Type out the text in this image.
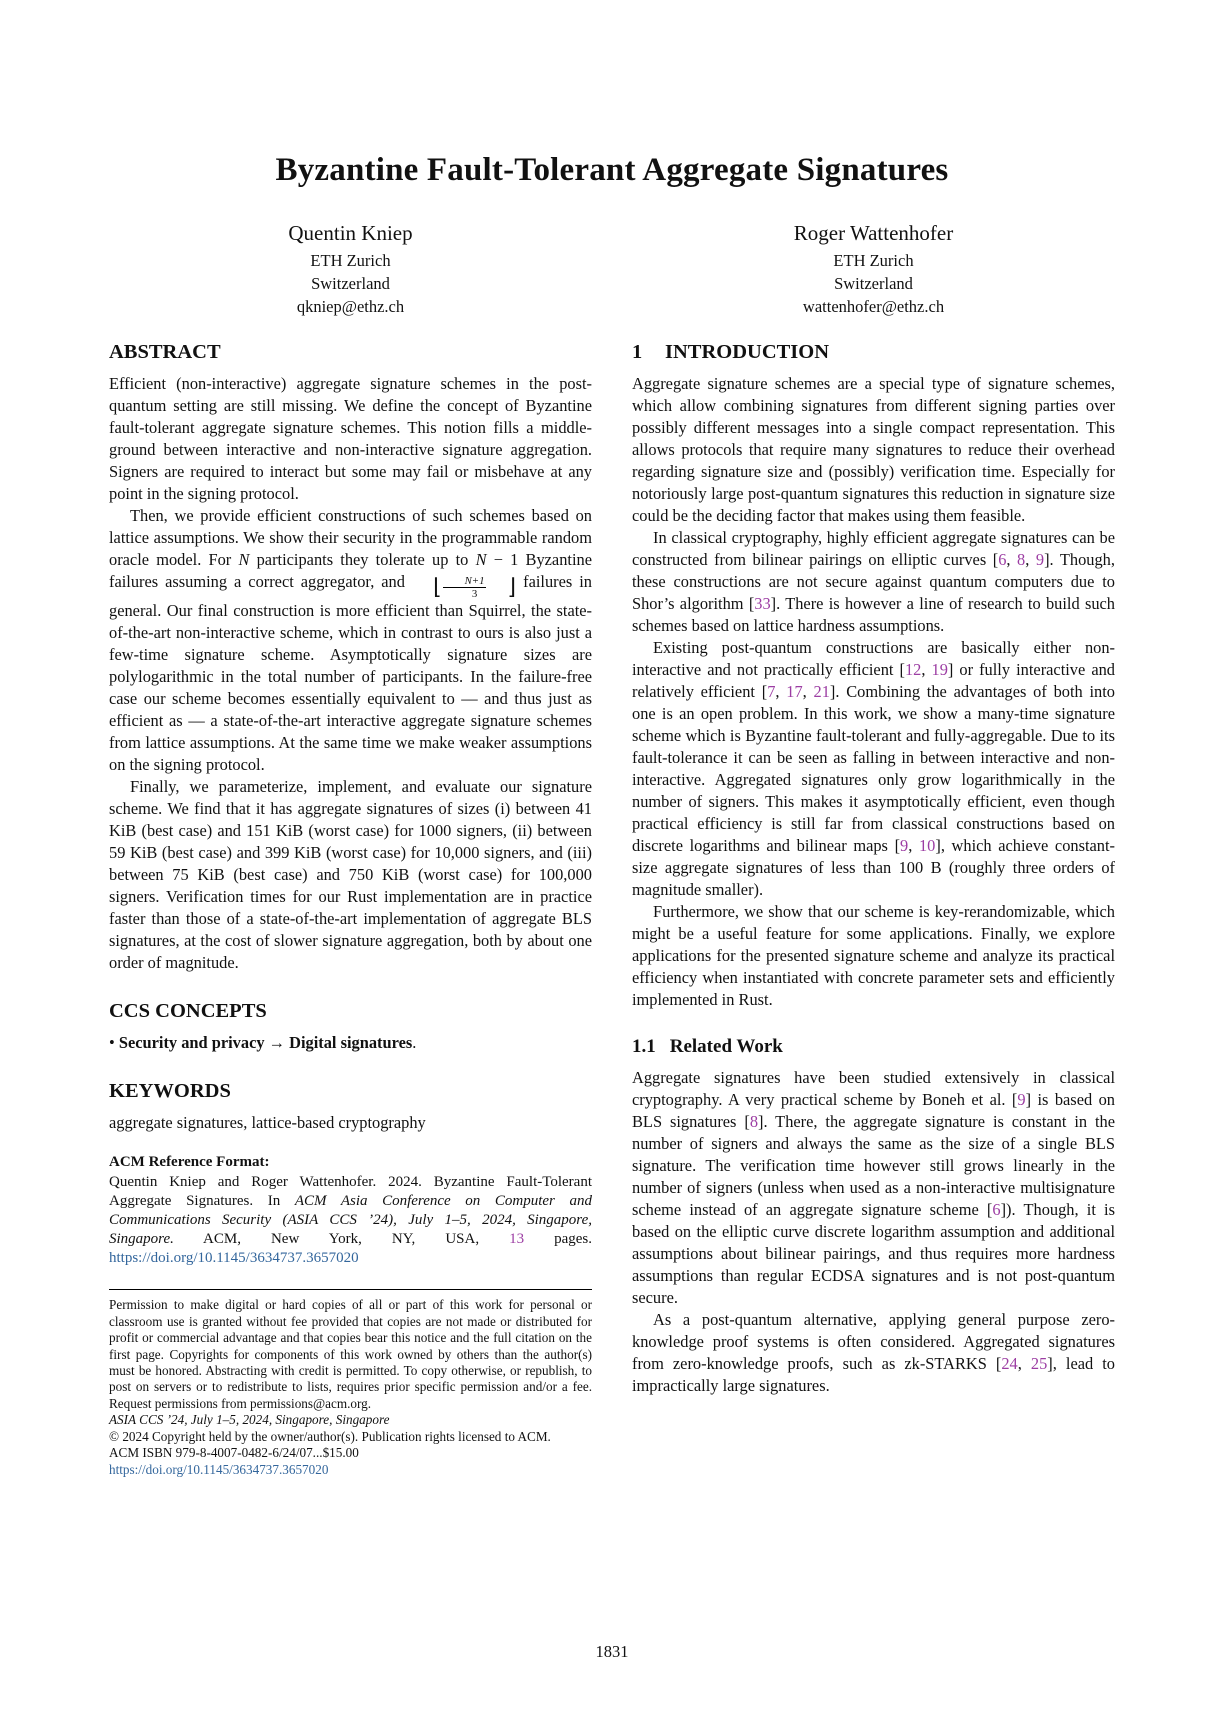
Byzantine Fault-Tolerant Aggregate Signatures
Quentin Kniep
ETH Zurich
Switzerland
qkniep@ethz.ch
Roger Wattenhofer
ETH Zurich
Switzerland
wattenhofer@ethz.ch
ABSTRACT

Efficient (non-interactive) aggregate signature schemes in the post-quantum setting are still missing. We define the concept of Byzantine fault-tolerant aggregate signature schemes. This notion fills a middle-ground between interactive and non-interactive signature aggregation. Signers are required to interact but some may fail or misbehave at any point in the signing protocol.

Then, we provide efficient constructions of such schemes based on lattice assumptions. We show their security in the programmable random oracle model. For N participants they tolerate up to N − 1 Byzantine failures assuming a correct aggregator, and ⌊ $\frac{N+1}{3}$ ⌋ failures in general. Our final construction is more efficient than Squirrel, the state-of-the-art non-interactive scheme, which in contrast to ours is also just a few-time signature scheme. Asymptotically signature sizes are polylogarithmic in the total number of participants. In the failure-free case our scheme becomes essentially equivalent to — and thus just as efficient as — a state-of-the-art interactive aggregate signature schemes from lattice assumptions. At the same time we make weaker assumptions on the signing protocol.

Finally, we parameterize, implement, and evaluate our signature scheme. We find that it has aggregate signatures of sizes (i) between 41 KiB (best case) and 151 KiB (worst case) for 1000 signers, (ii) between 59 KiB (best case) and 399 KiB (worst case) for 10,000 signers, and (iii) between 75 KiB (best case) and 750 KiB (worst case) for 100,000 signers. Verification times for our Rust implementation are in practice faster than those of a state-of-the-art implementation of aggregate BLS signatures, at the cost of slower signature aggregation, both by about one order of magnitude.

CCS CONCEPTS

• Security and privacy → Digital signatures.

KEYWORDS

aggregate signatures, lattice-based cryptography

ACM Reference Format:

Quentin Kniep and Roger Wattenhofer. 2024. Byzantine Fault-Tolerant Aggregate Signatures. In ACM Asia Conference on Computer and Communications Security (ASIA CCS ’24), July 1–5, 2024, Singapore, Singapore. ACM, New York, NY, USA, 13 pages. https://doi.org/10.1145/3634737.3657020

Permission to make digital or hard copies of all or part of this work for personal or classroom use is granted without fee provided that copies are not made or distributed for profit or commercial advantage and that copies bear this notice and the full citation on the first page. Copyrights for components of this work owned by others than the author(s) must be honored. Abstracting with credit is permitted. To copy otherwise, or republish, to post on servers or to redistribute to lists, requires prior specific permission and/or a fee. Request permissions from permissions@acm.org.

ASIA CCS ’24, July 1–5, 2024, Singapore, Singapore

© 2024 Copyright held by the owner/author(s). Publication rights licensed to ACM.

ACM ISBN 979-8-4007-0482-6/24/07...$15.00

https://doi.org/10.1145/3634737.3657020

1 INTRODUCTION

Aggregate signature schemes are a special type of signature schemes, which allow combining signatures from different signing parties over possibly different messages into a single compact representation. This allows protocols that require many signatures to reduce their overhead regarding signature size and (possibly) verification time. Especially for notoriously large post-quantum signatures this reduction in signature size could be the deciding factor that makes using them feasible.

In classical cryptography, highly efficient aggregate signatures can be constructed from bilinear pairings on elliptic curves [6, 8, 9]. Though, these constructions are not secure against quantum computers due to Shor’s algorithm [33]. There is however a line of research to build such schemes based on lattice hardness assumptions.

Existing post-quantum constructions are basically either non-interactive and not practically efficient [12, 19] or fully interactive and relatively efficient [7, 17, 21]. Combining the advantages of both into one is an open problem. In this work, we show a many-time signature scheme which is Byzantine fault-tolerant and fully-aggregable. Due to its fault-tolerance it can be seen as falling in between interactive and non-interactive. Aggregated signatures only grow logarithmically in the number of signers. This makes it asymptotically efficient, even though practical efficiency is still far from classical constructions based on discrete logarithms and bilinear maps [9, 10], which achieve constant-size aggregate signatures of less than 100 B (roughly three orders of magnitude smaller).

Furthermore, we show that our scheme is key-rerandomizable, which might be a useful feature for some applications. Finally, we explore applications for the presented signature scheme and analyze its practical efficiency when instantiated with concrete parameter sets and efficiently implemented in Rust.

1.1 Related Work

Aggregate signatures have been studied extensively in classical cryptography. A very practical scheme by Boneh et al. [9] is based on BLS signatures [8]. There, the aggregate signature is constant in the number of signers and always the same as the size of a single BLS signature. The verification time however still grows linearly in the number of signers (unless when used as a non-interactive multisignature scheme instead of an aggregate signature scheme [6]). Though, it is based on the elliptic curve discrete logarithm assumption and additional assumptions about bilinear pairings, and thus requires more hardness assumptions than regular ECDSA signatures and is not post-quantum secure.

As a post-quantum alternative, applying general purpose zero-knowledge proof systems is often considered. Aggregated signatures from zero-knowledge proofs, such as zk-STARKS [24, 25], lead to impractically large signatures.

1831
